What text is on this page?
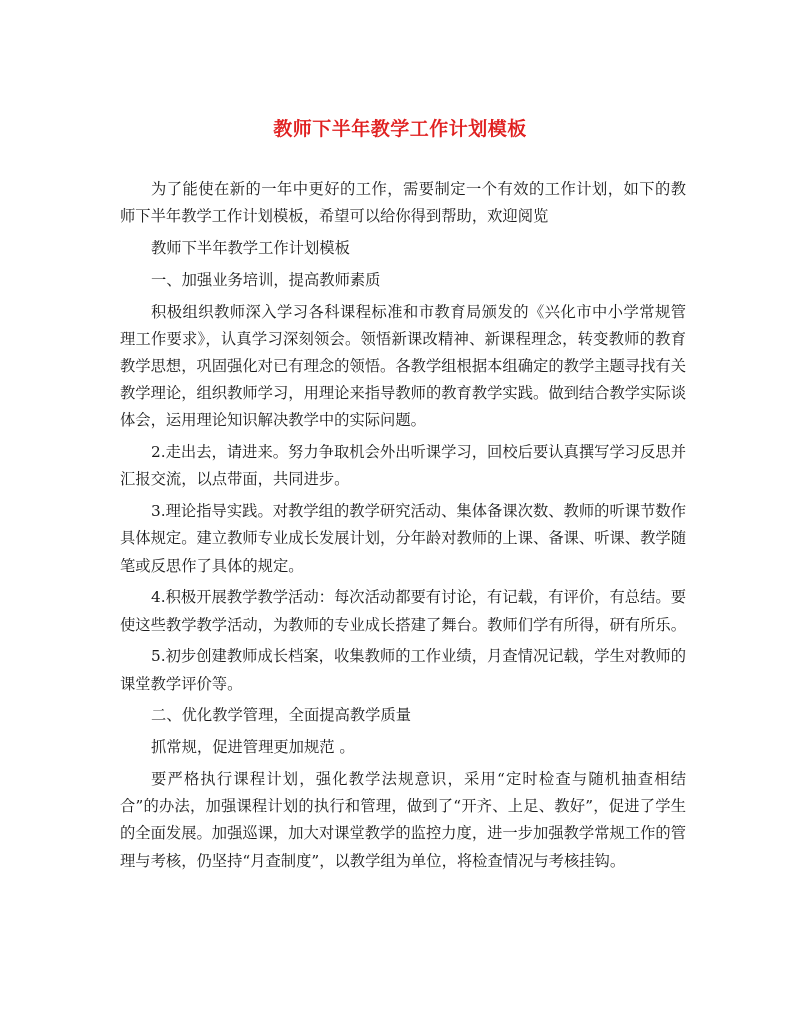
教师下半年教学工作计划模板

为了能使在新的一年中更好的工作，需要制定一个有效的工作计划，如下的教师下半年教学工作计划模板，希望可以给你得到帮助，欢迎阅览

教师下半年教学工作计划模板

一、加强业务培训，提高教师素质

积极组织教师深入学习各科课程标准和市教育局颁发的《兴化市中小学常规管理工作要求》，认真学习深刻领会。领悟新课改精神、新课程理念，转变教师的教育教学思想，巩固强化对已有理念的领悟。各教学组根据本组确定的教学主题寻找有关教学理论，组织教师学习，用理论来指导教师的教育教学实践。做到结合教学实际谈体会，运用理论知识解决教学中的实际问题。

2.走出去，请进来。努力争取机会外出听课学习，回校后要认真撰写学习反思并汇报交流，以点带面，共同进步。

3.理论指导实践。对教学组的教学研究活动、集体备课次数、教师的听课节数作具体规定。建立教师专业成长发展计划，分年龄对教师的上课、备课、听课、教学随笔或反思作了具体的规定。

4.积极开展教学教学活动：每次活动都要有讨论，有记载，有评价，有总结。要使这些教学教学活动，为教师的专业成长搭建了舞台。教师们学有所得，研有所乐。

5.初步创建教师成长档案，收集教师的工作业绩，月查情况记载，学生对教师的课堂教学评价等。

二、优化教学管理，全面提高教学质量

抓常规，促进管理更加规范 。

要严格执行课程计划，强化教学法规意识，采用“定时检查与随机抽查相结合”的办法，加强课程计划的执行和管理，做到了“开齐、上足、教好”，促进了学生的全面发展。加强巡课，加大对课堂教学的监控力度，进一步加强教学常规工作的管理与考核，仍坚持“月查制度”，以教学组为单位，将检查情况与考核挂钩。
